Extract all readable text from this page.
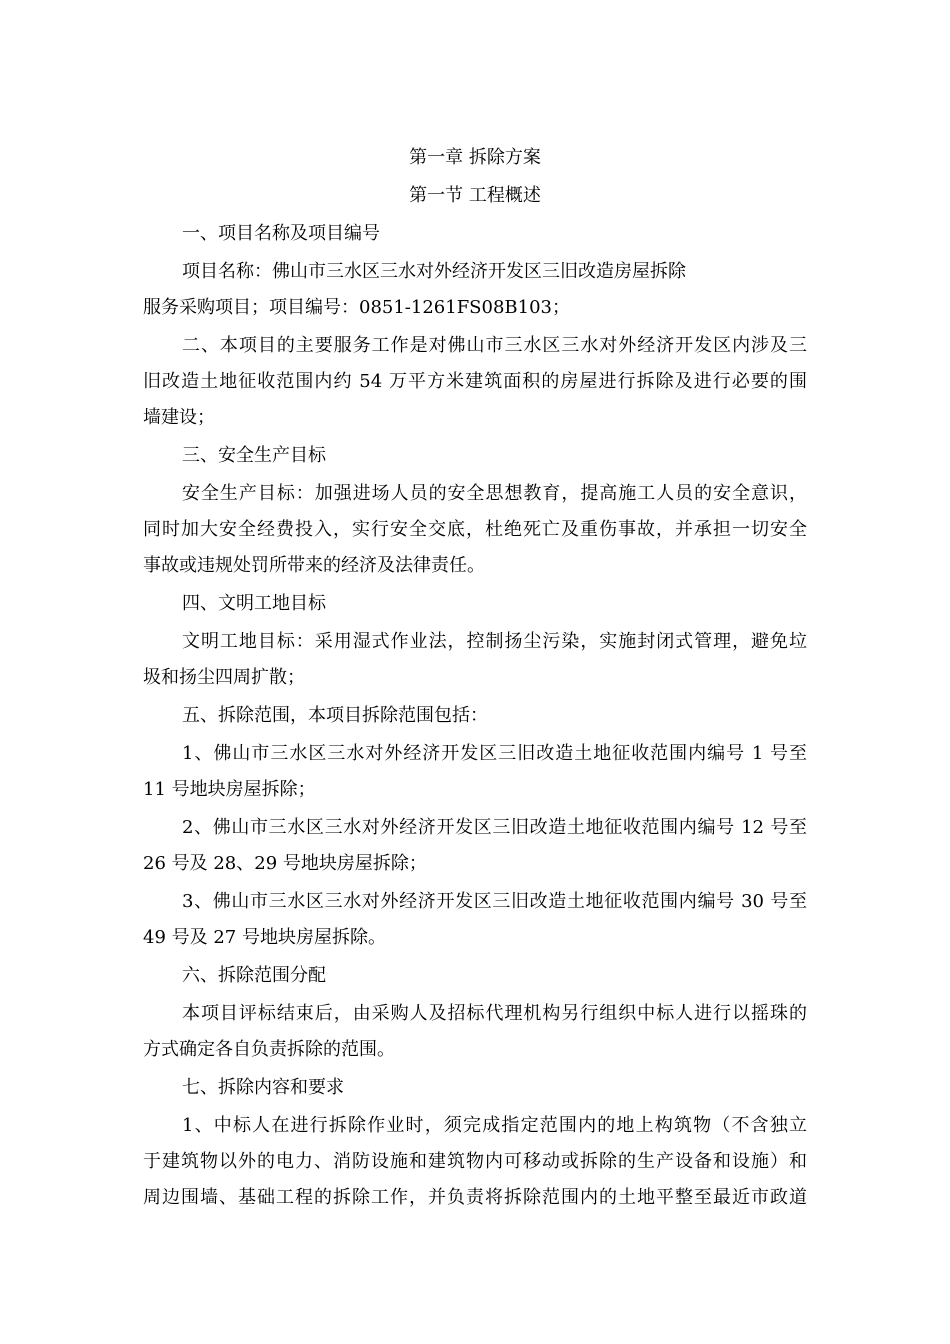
第一章 拆除方案
第一节 工程概述
一、项目名称及项目编号
项目名称：佛山市三水区三水对外经济开发区三旧改造房屋拆除
服务采购项目；项目编号：0851-1261FS08B103；
二、本项目的主要服务工作是对佛山市三水区三水对外经济开发区内涉及三
旧改造土地征收范围内约 54 万平方米建筑面积的房屋进行拆除及进行必要的围
墙建设；
三、安全生产目标
安全生产目标：加强进场人员的安全思想教育，提高施工人员的安全意识，
同时加大安全经费投入，实行安全交底，杜绝死亡及重伤事故，并承担一切安全
事故或违规处罚所带来的经济及法律责任。
四、文明工地目标
文明工地目标：采用湿式作业法，控制扬尘污染，实施封闭式管理，避免垃
圾和扬尘四周扩散；
五、拆除范围，本项目拆除范围包括：
1、佛山市三水区三水对外经济开发区三旧改造土地征收范围内编号 1 号至
11 号地块房屋拆除；
2、佛山市三水区三水对外经济开发区三旧改造土地征收范围内编号 12 号至
26 号及 28、29 号地块房屋拆除；
3、佛山市三水区三水对外经济开发区三旧改造土地征收范围内编号 30 号至
49 号及 27 号地块房屋拆除。
六、拆除范围分配
本项目评标结束后，由采购人及招标代理机构另行组织中标人进行以摇珠的
方式确定各自负责拆除的范围。
七、拆除内容和要求
1、中标人在进行拆除作业时，须完成指定范围内的地上构筑物（不含独立
于建筑物以外的电力、消防设施和建筑物内可移动或拆除的生产设备和设施）和
周边围墙、基础工程的拆除工作，并负责将拆除范围内的土地平整至最近市政道
